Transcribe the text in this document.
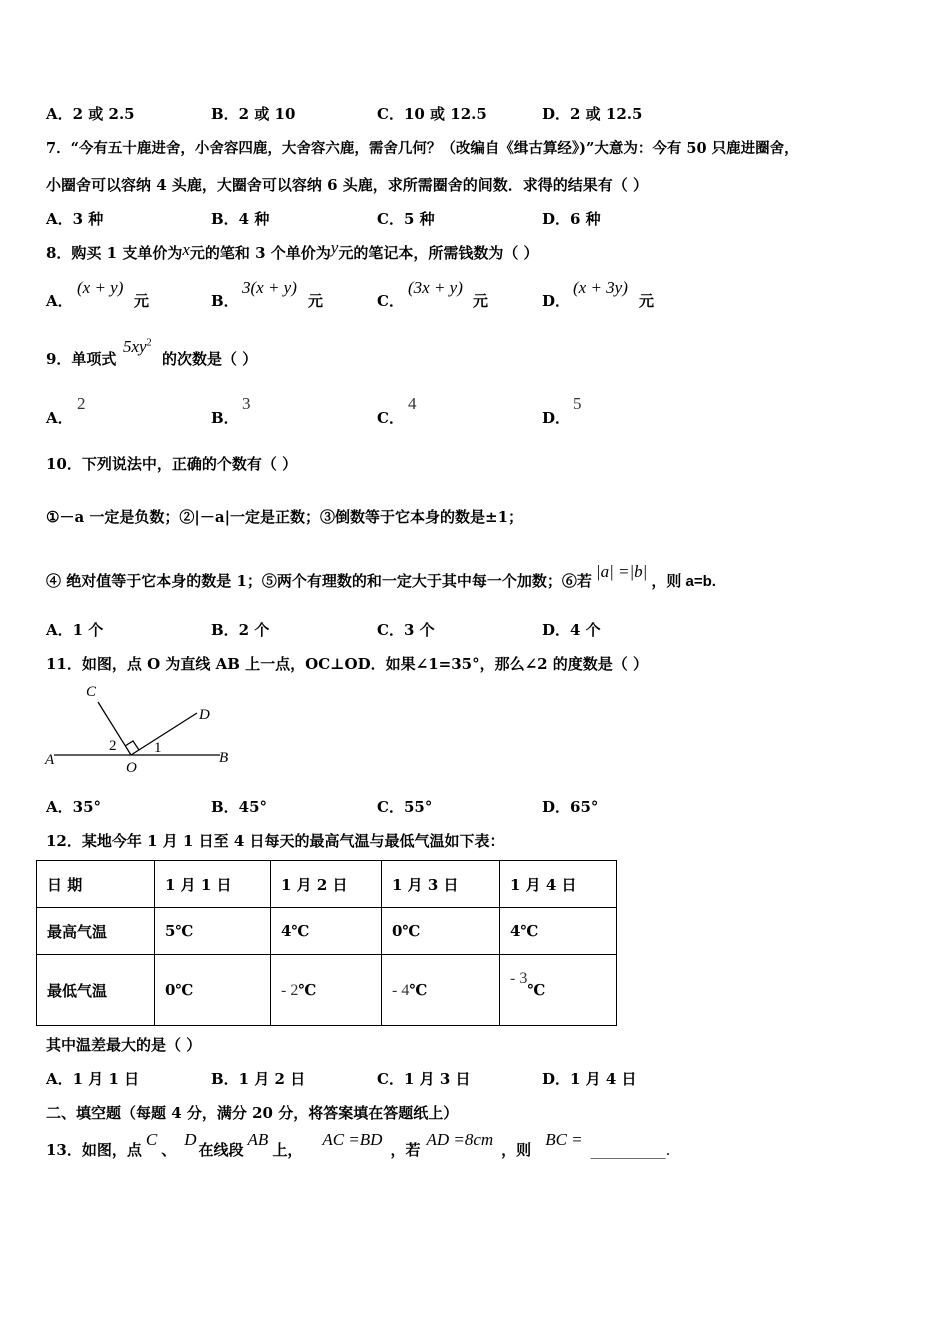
A．2 或 2.5	B．2 或 10	C．10 或 12.5	D．2 或 12.5
7．“今有五十鹿进舍，小舍容四鹿，大舍容六鹿，需舍几何？（改编自《缉古算经》)”大意为：今有 50 只鹿进圈舍，
小圈舍可以容纳 4 头鹿，大圈舍可以容纳 6 头鹿，求所需圈舍的间数．求得的结果有（ ）
A．3 种	B．4 种	C．5 种	D．6 种
8．购买 1 支单价为x元的笔和 3 个单价为y元的笔记本，所需钱数为（ ）
A．
(x + y)
元	B．
3(x + y)
元	C．
(3x + y)
元	D．
(x + 3y)
元
9．单项式
$5xy^2$
的次数是（ ）
A．
2
B．
3
C．
4
D．
5
10．下列说法中，正确的个数有（ ）
①－a 一定是负数；②|－a|一定是正数；③倒数等于它本身的数是±1；
④ 绝对值等于它本身的数是 1；⑤两个有理数的和一定大于其中每一个加数；⑥若 |a| =|b|，则 a=b.
A．1 个	B．2 个	C．3 个	D．4 个
11．如图，点 O 为直线 AB 上一点，OC⊥OD．如果∠1=35°，那么∠2 的度数是（ ）
A	B
C
D
O
1
2
A．35°	B．45°	C．55°	D．65°
12．某地今年 1 月 1 日至 4 日每天的最高气温与最低气温如下表：
日 期	1 月 1 日	1 月 2 日	1 月 3 日	1 月 4 日
最高气温	5℃	4℃	0℃	4℃
最低气温	0℃	- 2℃	- 4℃	- 3℃
其中温差最大的是（ ）
A．1 月 1 日	B．1 月 2 日	C．1 月 3 日	D．1 月 4 日
二、填空题（每题 4 分，满分 20 分，将答案填在答题纸上）
13．如图，点C、D在线段AB上，AC =BD，若AD =8cm，则BC =__________.
